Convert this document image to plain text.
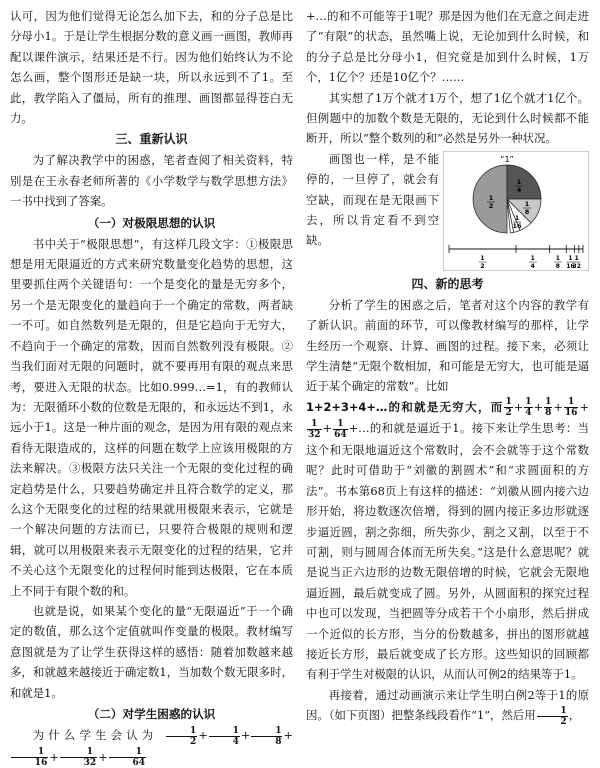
认可，因为他们觉得无论怎么加下去，和的分子总是比分母小1。于是让学生根据分数的意义画一画图，教师再配以课件演示，结果还是不行。因为他们始终认为不论怎么画，整个图形还是缺一块，所以永远到不了1。至此，教学陷入了僵局，所有的推理、画图都显得苍白无力。

三、重新认识

为了解决教学中的困惑，笔者查阅了相关资料，特别是在王永春老师所著的《小学数学与数学思想方法》一书中找到了答案。

（一）对极限思想的认识

书中关于“极限思想”，有这样几段文字：①极限思想是用无限逼近的方式来研究数量变化趋势的思想，这里要抓住两个关键语句：一个是变化的量是无穷多个，另一个是无限变化的量趋向于一个确定的常数，两者缺一不可。如自然数列是无限的，但是它趋向于无穷大，不趋向于一个确定的常数，因而自然数列没有极限。②当我们面对无限的问题时，就不要再用有限的观点来思考，要进入无限的状态。比如0.999…=1，有的教师认为：无限循环小数的位数是无限的，和永远达不到1，永远小于1。这是一种片面的观念，是因为用有限的观点来看待无限造成的，这样的问题在数学上应该用极限的方法来解决。③极限方法只关注一个无限的变化过程的确定趋势是什么，只要趋势确定并且符合数学的定义，那么这个无限变化的过程的结果就用极限来表示，它就是一个解决问题的方法而已，只要符合极限的规则和逻辑，就可以用极限来表示无限变化的过程的结果，它并不关心这个无限变化的过程何时能到达极限，它在本质上不同于有限个数的和。

也就是说，如果某个变化的量“无限逼近”于一个确定的数值，那么这个定值就叫作变量的极限。教材编写意图就是为了让学生获得这样的感悟：随着加数越来越多，和就越来越接近于确定数1，当加数个数无限多时，和就是1。

（二）对学生困惑的认识

为什么学生会认为 $\frac{1}{2} + \frac{1}{4} + \frac{1}{8}$ +
$\frac{1}{16} + \frac{1}{32} + \frac{1}{64}$

+…的和不可能等于1呢？那是因为他们在无意之间走进了“有限”的状态，虽然嘴上说，无论加到什么时候，和的分子总是比分母小1，但究竟是加到什么时候，1万个，1亿个？还是10亿个？……

其实想了1万个就才1万个，想了1亿个就才1亿个。但例题中的加数个数是无限的，无论到什么时候都不能断开，所以“整个数列的和”必然是另外一种状况。

“1”
1
2
1
4
1
8
1
16
1
2
1
4
1
8
1
16
1
32

画图也一样，是不能停的，一旦停了，就会有空缺，而现在是无限画下去，所以肯定看不到空缺。

四、新的思考

分析了学生的困惑之后，笔者对这个内容的教学有了新认识。前面的环节，可以像教材编写的那样，让学生经历一个观察、计算、画图的过程。接下来，必须让学生清楚“无限个数相加，和可能是无穷大，也可能是逼近于某个确定的常数”。比如

1+2+3+4+…的和就是无穷大，而 $\frac{1}{2} + \frac{1}{4} + \frac{1}{8} + \frac{1}{16}$ +
$\frac{1}{32} + \frac{1}{64}$ +…的和就是逼近于1。接下来让学生思考：当这个和无限地逼近这个常数时，会不会就等于这个常数呢？此时可借助于“刘徽的割圆术”和“求圆面积的方法”。书本第68页上有这样的描述：“刘徽从圆内接六边形开始，将边数逐次倍增，得到的圆内接正多边形就逐步逼近圆，割之弥细，所失弥少，割之又割，以至于不可割，则与圆周合体而无所失矣。”这是什么意思呢？就是说当正六边形的边数无限倍增的时候，它就会无限地逼近圆，最后就变成了圆。另外，从圆面积的探究过程中也可以发现，当把圆等分成若干个小扇形，然后拼成一个近似的长方形，当分的份数越多，拼出的图形就越接近长方形，最后就变成了长方形。这些知识的回顾都有利于学生对极限的认识，从而认可例2的结果等于1。

再接着，通过动画演示来让学生明白例2等于1的原因。（如下页图）把整条线段看作“1”，然后用 $\frac{1}{2}$ ，
